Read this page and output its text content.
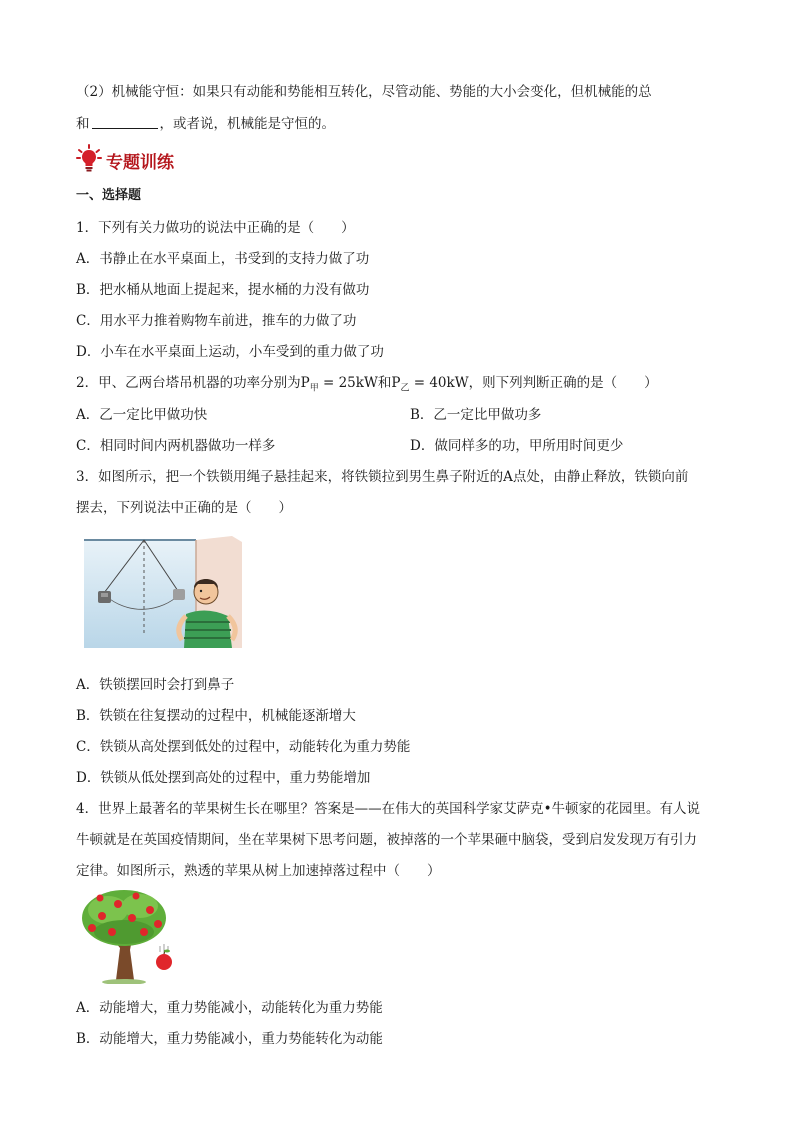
（2）机械能守恒：如果只有动能和势能相互转化，尽管动能、势能的大小会变化，但机械能的总
和	，或者说，机械能是守恒的。
专题训练
一、选择题
1．下列有关力做功的说法中正确的是（　　）
A．书静止在水平桌面上，书受到的支持力做了功
B．把水桶从地面上提起来，提水桶的力没有做功
C．用水平力推着购物车前进，推车的力做了功
D．小车在水平桌面上运动，小车受到的重力做了功
2．甲、乙两台塔吊机器的功率分别为$P_甲 = 25kW$和$P_乙 = 40kW$，则下列判断正确的是（　　）
A．乙一定比甲做功快	B．乙一定比甲做功多
C．相同时间内两机器做功一样多	D．做同样多的功，甲所用时间更少
3．如图所示，把一个铁锁用绳子悬挂起来，将铁锁拉到男生鼻子附近的A点处，由静止释放，铁锁向前
摆去，下列说法中正确的是（　　）
A．铁锁摆回时会打到鼻子
B．铁锁在往复摆动的过程中，机械能逐渐增大
C．铁锁从高处摆到低处的过程中，动能转化为重力势能
D．铁锁从低处摆到高处的过程中，重力势能增加
4．世界上最著名的苹果树生长在哪里？答案是——在伟大的英国科学家艾萨克•牛顿家的花园里。有人说
牛顿就是在英国疫情期间，坐在苹果树下思考问题，被掉落的一个苹果砸中脑袋，受到启发发现万有引力
定律。如图所示，熟透的苹果从树上加速掉落过程中（　　）
A．动能增大，重力势能减小，动能转化为重力势能
B．动能增大，重力势能减小，重力势能转化为动能
